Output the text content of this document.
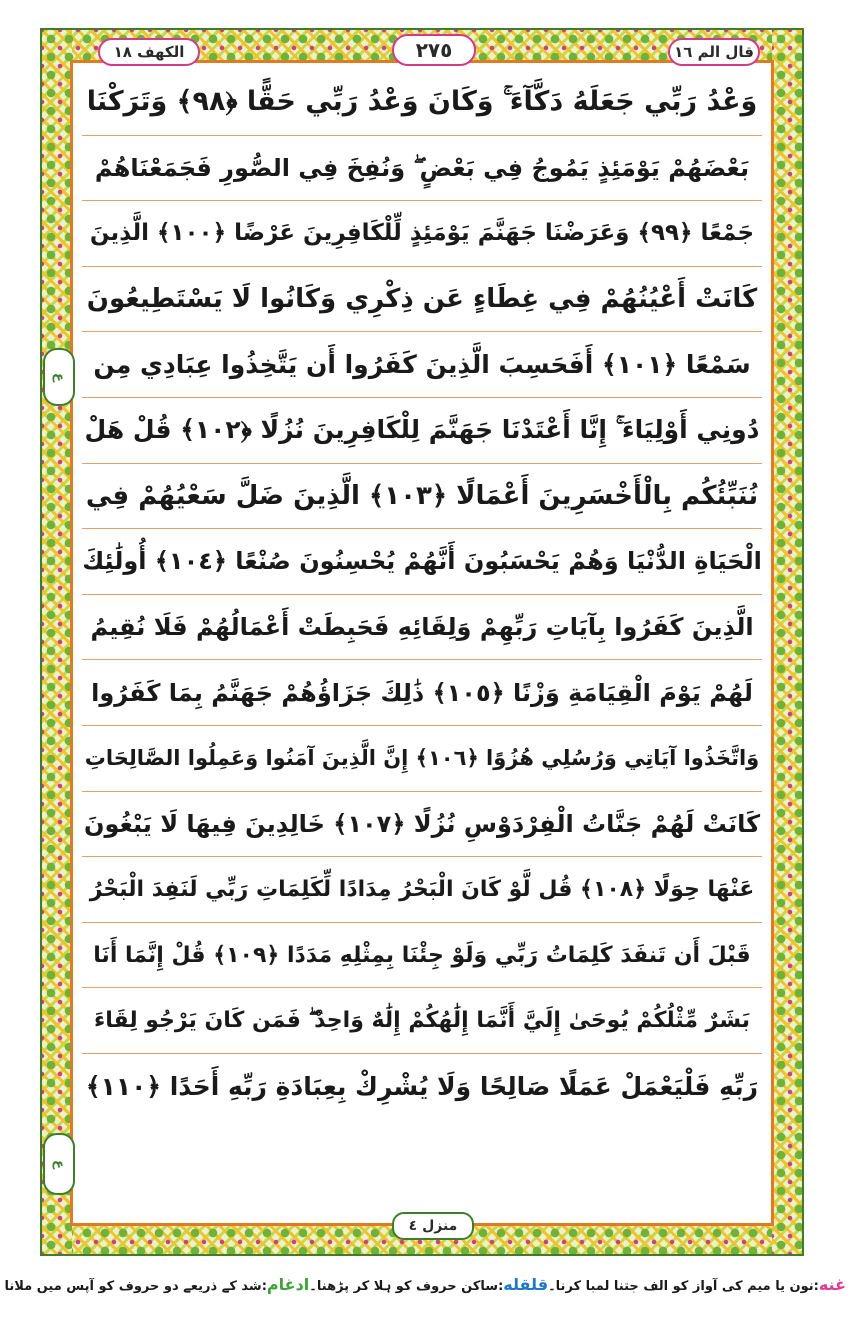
قال الم ١٦
٢٧٥
الكهف ١٨
ع
ع
وَعْدُ رَبِّي جَعَلَهُ دَكَّآءَ ۚ وَكَانَ وَعْدُ رَبِّي حَقًّا ﴿٩٨﴾ وَتَرَكْنَا
بَعْضَهُمْ يَوْمَئِذٍ يَمُوجُ فِي بَعْضٍ ۖ وَنُفِخَ فِي الصُّورِ فَجَمَعْنَاهُمْ
جَمْعًا ﴿٩٩﴾ وَعَرَضْنَا جَهَنَّمَ يَوْمَئِذٍ لِّلْكَافِرِينَ عَرْضًا ﴿١٠٠﴾ الَّذِينَ
كَانَتْ أَعْيُنُهُمْ فِي غِطَاءٍ عَن ذِكْرِي وَكَانُوا لَا يَسْتَطِيعُونَ
سَمْعًا ﴿١٠١﴾ أَفَحَسِبَ الَّذِينَ كَفَرُوا أَن يَتَّخِذُوا عِبَادِي مِن
دُونِي أَوْلِيَاءَ ۚ إِنَّا أَعْتَدْنَا جَهَنَّمَ لِلْكَافِرِينَ نُزُلًا ﴿١٠٢﴾ قُلْ هَلْ
نُنَبِّئُكُم بِالْأَخْسَرِينَ أَعْمَالًا ﴿١٠٣﴾ الَّذِينَ ضَلَّ سَعْيُهُمْ فِي
الْحَيَاةِ الدُّنْيَا وَهُمْ يَحْسَبُونَ أَنَّهُمْ يُحْسِنُونَ صُنْعًا ﴿١٠٤﴾ أُولَٰئِكَ
الَّذِينَ كَفَرُوا بِآيَاتِ رَبِّهِمْ وَلِقَائِهِ فَحَبِطَتْ أَعْمَالُهُمْ فَلَا نُقِيمُ
لَهُمْ يَوْمَ الْقِيَامَةِ وَزْنًا ﴿١٠٥﴾ ذَٰلِكَ جَزَاؤُهُمْ جَهَنَّمُ بِمَا كَفَرُوا
وَاتَّخَذُوا آيَاتِي وَرُسُلِي هُزُوًا ﴿١٠٦﴾ إِنَّ الَّذِينَ آمَنُوا وَعَمِلُوا الصَّالِحَاتِ
كَانَتْ لَهُمْ جَنَّاتُ الْفِرْدَوْسِ نُزُلًا ﴿١٠٧﴾ خَالِدِينَ فِيهَا لَا يَبْغُونَ
عَنْهَا حِوَلًا ﴿١٠٨﴾ قُل لَّوْ كَانَ الْبَحْرُ مِدَادًا لِّكَلِمَاتِ رَبِّي لَنَفِدَ الْبَحْرُ
قَبْلَ أَن تَنفَدَ كَلِمَاتُ رَبِّي وَلَوْ جِئْنَا بِمِثْلِهِ مَدَدًا ﴿١٠٩﴾ قُلْ إِنَّمَا أَنَا
بَشَرٌ مِّثْلُكُمْ يُوحَىٰ إِلَيَّ أَنَّمَا إِلَٰهُكُمْ إِلَٰهٌ وَاحِدٌ ۖ فَمَن كَانَ يَرْجُو لِقَاءَ
رَبِّهِ فَلْيَعْمَلْ عَمَلًا صَالِحًا وَلَا يُشْرِكْ بِعِبَادَةِ رَبِّهِ أَحَدًا ﴿١١٠﴾
منزل ٤
غنه:نون یا میم کی آواز کو الف جتنا لمبا کرنا۔
قلقله:ساکن حروف کو ہلا کر پڑھنا۔
ادغام:شد کے ذریعے دو حروف کو آپس میں ملانا
